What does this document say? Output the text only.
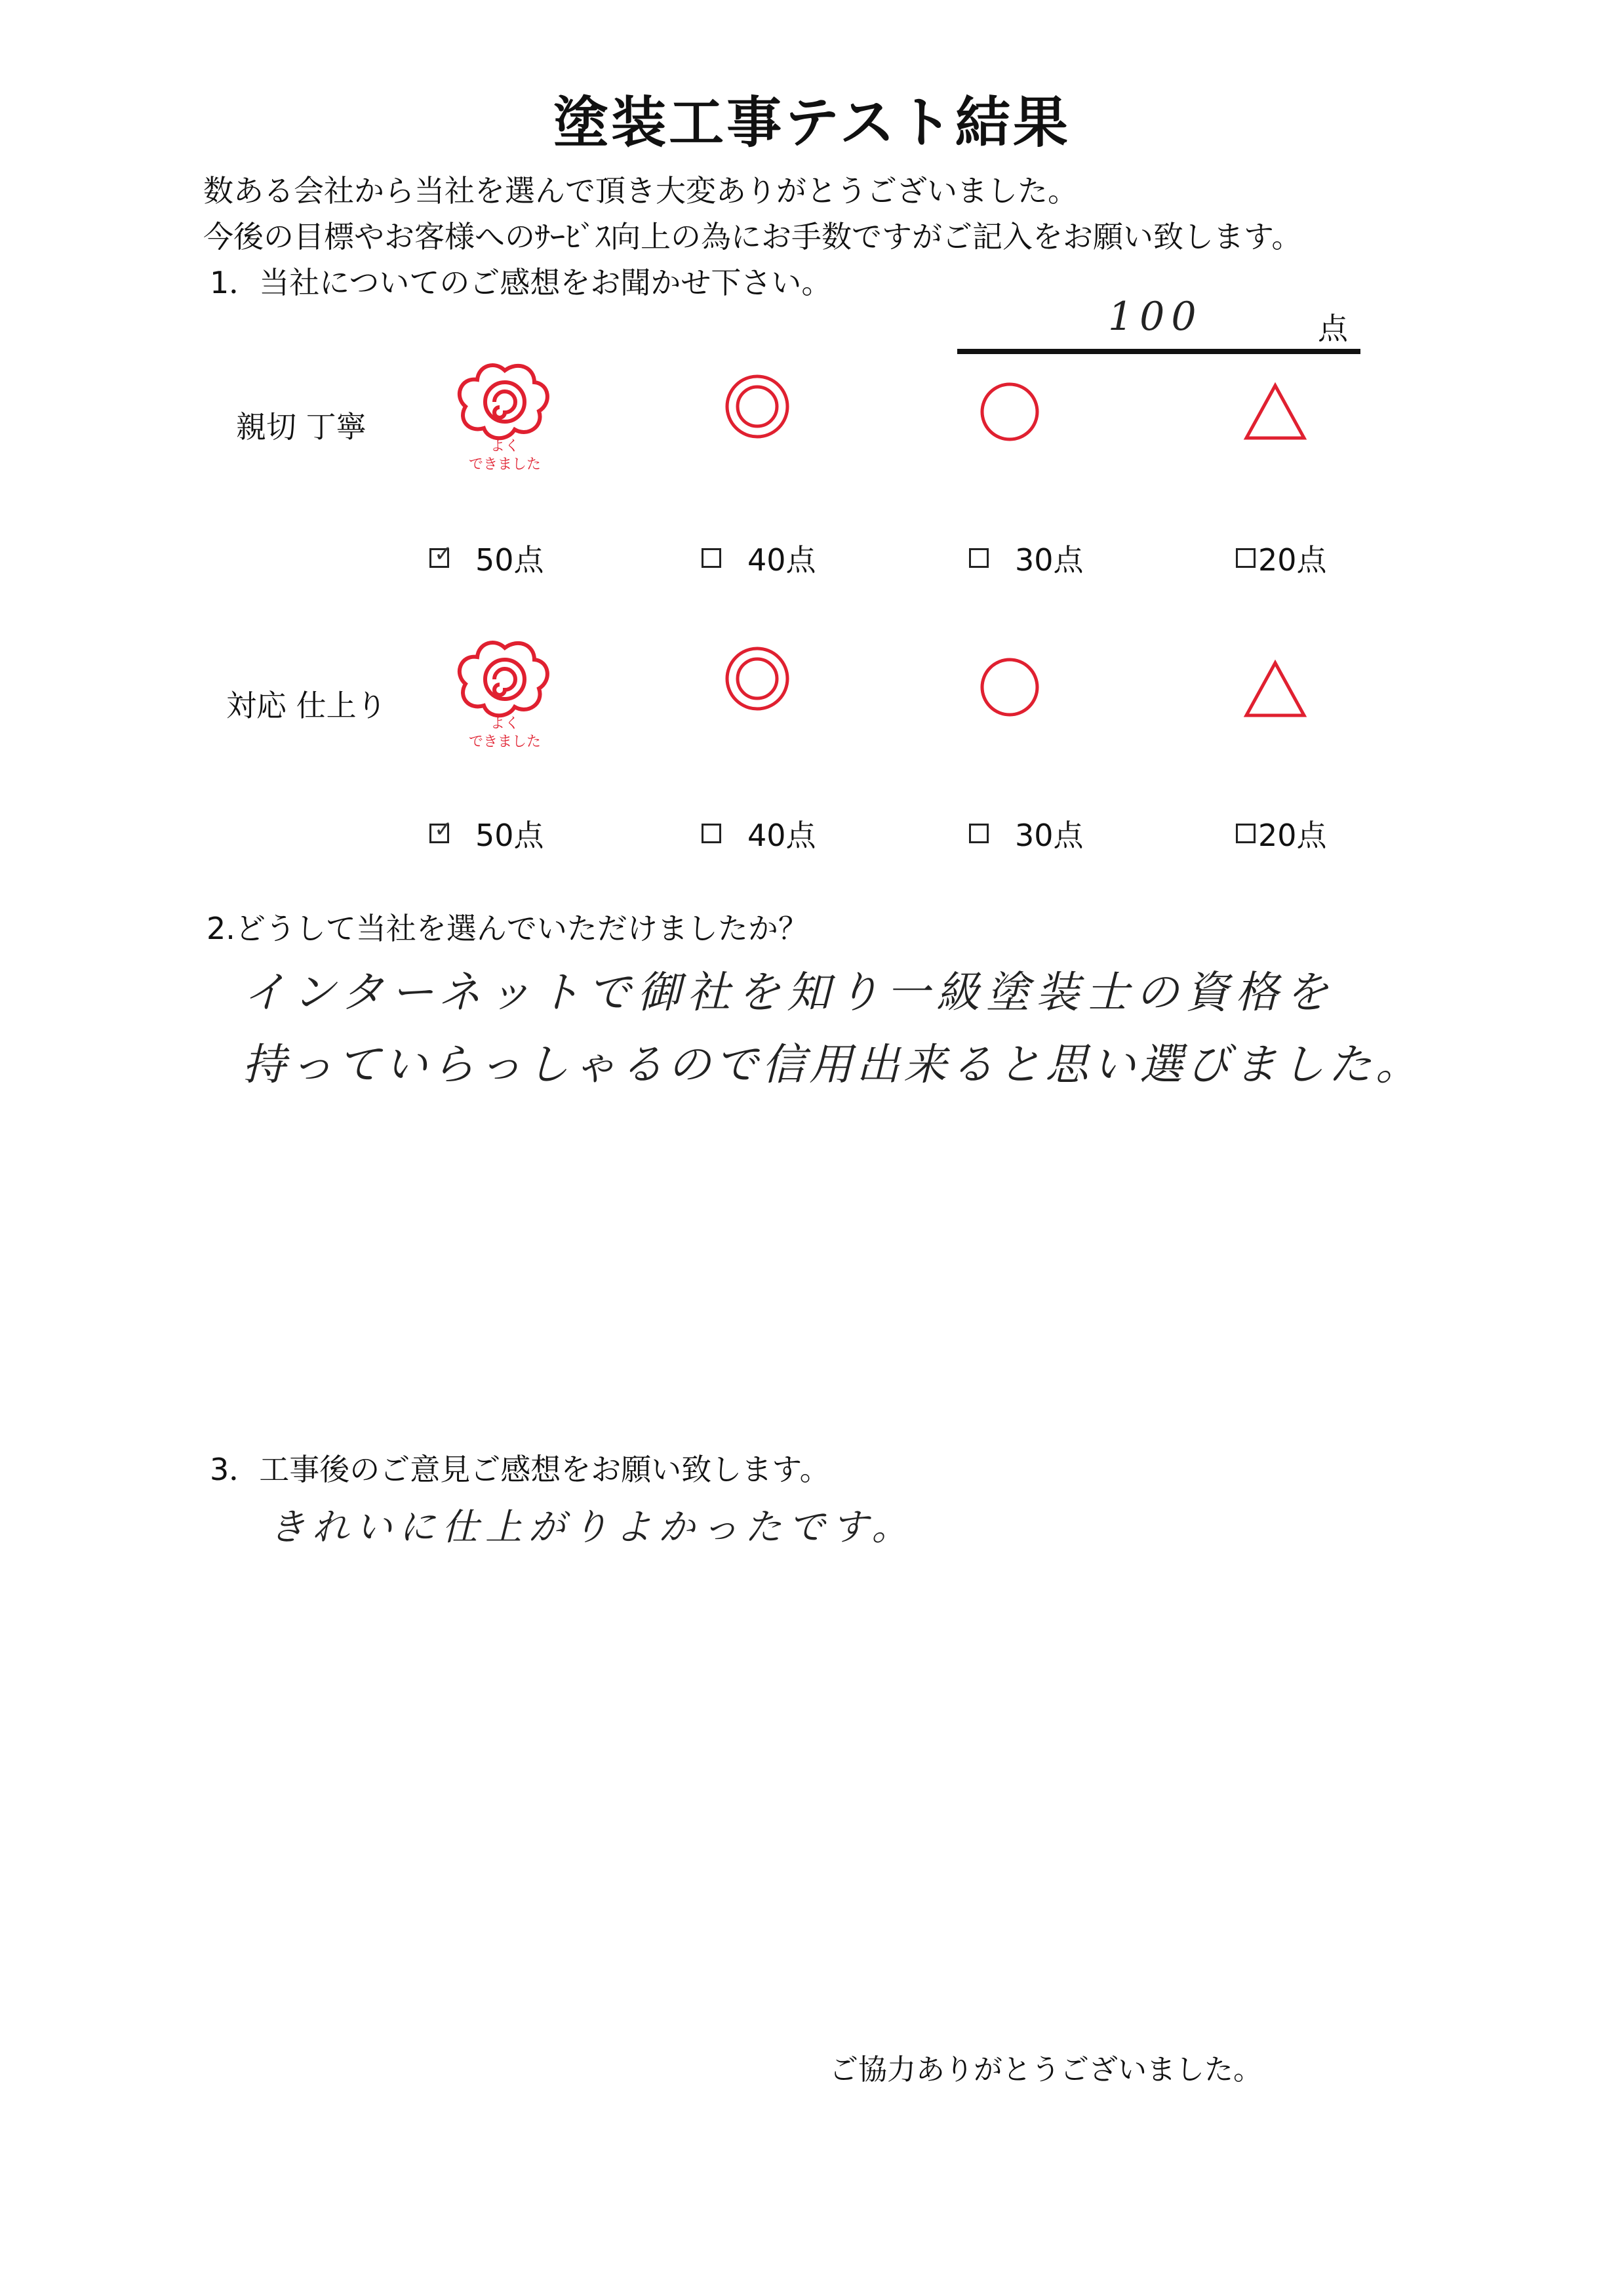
塗装工事テスト結果
数ある会社から当社を選んで頂き大変ありがとうございました。
今後の目標やお客様へのｻｰﾋﾞｽ向上の為にお手数ですがご記入をお願い致します。
1．当社についてのご感想をお聞かせ下さい。
100	点
親切 丁寧
よく
できました
✓ 50点	40点	30点	20点
対応 仕上り
よく
できました
✓ 50点	40点	30点	20点
2.どうして当社を選んでいただけましたか？
インターネットで御社を知り一級塗装士の資格を
持っていらっしゃるので信用出来ると思い選びました。
3．工事後のご意見ご感想をお願い致します。
きれいに仕上がりよかったです。
ご協力ありがとうございました。
